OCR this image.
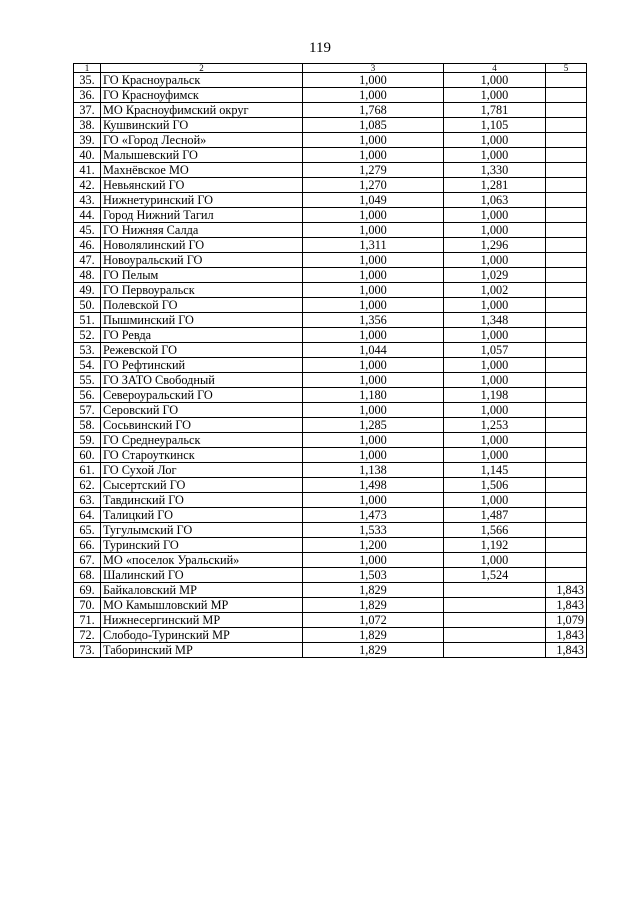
119
1	2	3	4	5
35.	ГО Красноуральск	1,000	1,000	
36.	ГО Красноуфимск	1,000	1,000	
37.	МО Красноуфимский округ	1,768	1,781	
38.	Кушвинский ГО	1,085	1,105	
39.	ГО «Город Лесной»	1,000	1,000	
40.	Малышевский ГО	1,000	1,000	
41.	Махнёвское МО	1,279	1,330	
42.	Невьянский ГО	1,270	1,281	
43.	Нижнетуринский ГО	1,049	1,063	
44.	Город Нижний Тагил	1,000	1,000	
45.	ГО Нижняя Салда	1,000	1,000	
46.	Новолялинский ГО	1,311	1,296	
47.	Новоуральский ГО	1,000	1,000	
48.	ГО Пелым	1,000	1,029	
49.	ГО Первоуральск	1,000	1,002	
50.	Полевской ГО	1,000	1,000	
51.	Пышминский ГО	1,356	1,348	
52.	ГО Ревда	1,000	1,000	
53.	Режевской ГО	1,044	1,057	
54.	ГО Рефтинский	1,000	1,000	
55.	ГО ЗАТО Свободный	1,000	1,000	
56.	Североуральский ГО	1,180	1,198	
57.	Серовский ГО	1,000	1,000	
58.	Сосьвинский ГО	1,285	1,253	
59.	ГО Среднеуральск	1,000	1,000	
60.	ГО Староуткинск	1,000	1,000	
61.	ГО Сухой Лог	1,138	1,145	
62.	Сысертский ГО	1,498	1,506	
63.	Тавдинский ГО	1,000	1,000	
64.	Талицкий ГО	1,473	1,487	
65.	Тугулымский ГО	1,533	1,566	
66.	Туринский ГО	1,200	1,192	
67.	МО «поселок Уральский»	1,000	1,000	
68.	Шалинский ГО	1,503	1,524	
69.	Байкаловский МР	1,829		1,843
70.	МО Камышловский МР	1,829		1,843
71.	Нижнесергинский МР	1,072		1,079
72.	Слободо-Туринский МР	1,829		1,843
73.	Таборинский МР	1,829		1,843
